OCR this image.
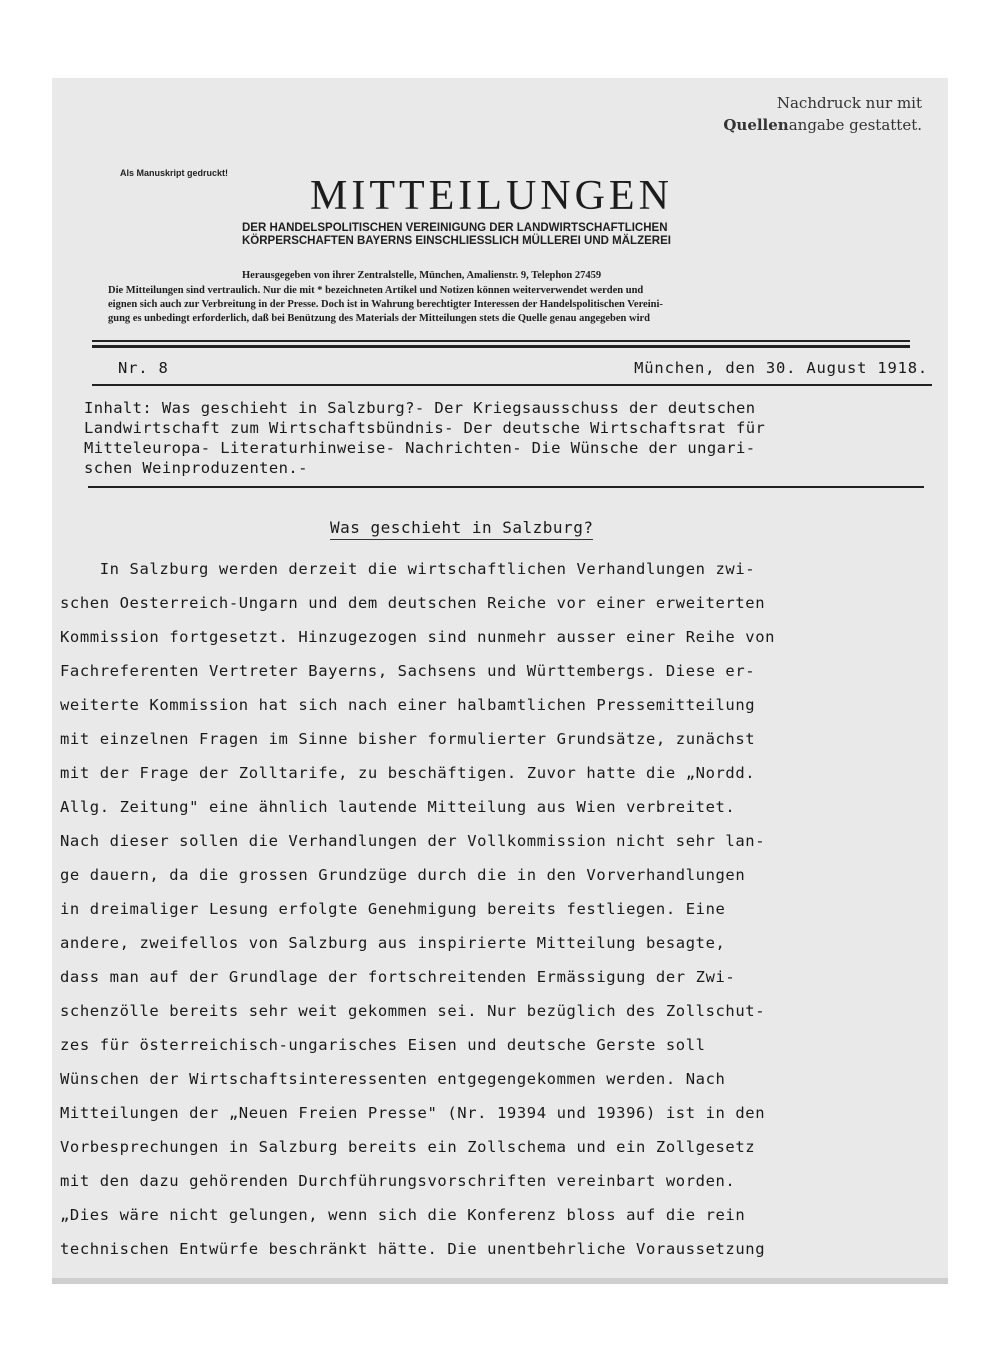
Nachdruck nur mit
Quellenangabe gestattet.
Als Manuskript gedruckt! MITTEILUNGEN
DER HANDELSPOLITISCHEN VEREINIGUNG DER LANDWIRTSCHAFTLICHEN
KÖRPERSCHAFTEN BAYERNS EINSCHLIESSLICH MÜLLEREI UND MÄLZEREI
Herausgegeben von ihrer Zentralstelle, München, Amalienstr. 9, Telephon 27459
Die Mitteilungen sind vertraulich. Nur die mit * bezeichneten Artikel und Notizen können weiterverwendet werden und
eignen sich auch zur Verbreitung in der Presse. Doch ist in Wahrung berechtigter Interessen der Handelspolitischen Vereini-
gung es unbedingt erforderlich, daß bei Benützung des Materials der Mitteilungen stets die Quelle genau angegeben wird
Nr. 8	München, den 30. August 1918.
Inhalt: Was geschieht in Salzburg?- Der Kriegsausschuss der deutschen
Landwirtschaft zum Wirtschaftsbündnis- Der deutsche Wirtschaftsrat für
Mitteleuropa- Literaturhinweise- Nachrichten- Die Wünsche der ungari-
schen Weinproduzenten.-
Was geschieht in Salzburg?
In Salzburg werden derzeit die wirtschaftlichen Verhandlungen zwi-
schen Oesterreich-Ungarn und dem deutschen Reiche vor einer erweiterten
Kommission fortgesetzt. Hinzugezogen sind nunmehr ausser einer Reihe von
Fachreferenten Vertreter Bayerns, Sachsens und Württembergs. Diese er-
weiterte Kommission hat sich nach einer halbamtlichen Pressemitteilung
mit einzelnen Fragen im Sinne bisher formulierter Grundsätze, zunächst
mit der Frage der Zolltarife, zu beschäftigen. Zuvor hatte die „Nordd.
Allg. Zeitung" eine ähnlich lautende Mitteilung aus Wien verbreitet.
Nach dieser sollen die Verhandlungen der Vollkommission nicht sehr lan-
ge dauern, da die grossen Grundzüge durch die in den Vorverhandlungen
in dreimaliger Lesung erfolgte Genehmigung bereits festliegen. Eine
andere, zweifellos von Salzburg aus inspirierte Mitteilung besagte,
dass man auf der Grundlage der fortschreitenden Ermässigung der Zwi-
schenzölle bereits sehr weit gekommen sei. Nur bezüglich des Zollschut-
zes für österreichisch-ungarisches Eisen und deutsche Gerste soll
Wünschen der Wirtschaftsinteressenten entgegengekommen werden. Nach
Mitteilungen der „Neuen Freien Presse" (Nr. 19394 und 19396) ist in den
Vorbesprechungen in Salzburg bereits ein Zollschema und ein Zollgesetz
mit den dazu gehörenden Durchführungsvorschriften vereinbart worden.
„Dies wäre nicht gelungen, wenn sich die Konferenz bloss auf die rein
technischen Entwürfe beschränkt hätte. Die unentbehrliche Voraussetzung
